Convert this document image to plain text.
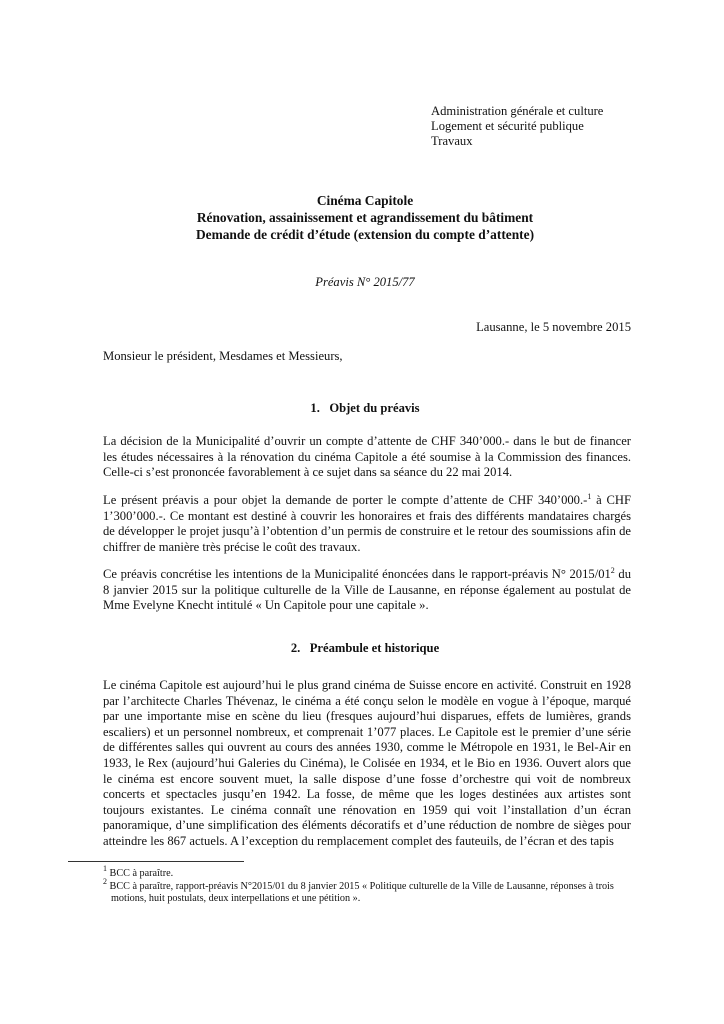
Administration générale et culture
Logement et sécurité publique
Travaux
Cinéma Capitole
Rénovation, assainissement et agrandissement du bâtiment
Demande de crédit d’étude (extension du compte d’attente)
Préavis N° 2015/77
Lausanne, le 5 novembre 2015
Monsieur le président, Mesdames et Messieurs,
1.   Objet du préavis
La décision de la Municipalité d’ouvrir un compte d’attente de CHF 340’000.- dans le but de financer les études nécessaires à la rénovation du cinéma Capitole a été soumise à la Commission des finances. Celle-ci s’est prononcée favorablement à ce sujet dans sa séance du 22 mai 2014.
Le présent préavis a pour objet la demande de porter le compte d’attente de CHF 340’000.-$^1$ à CHF 1’300’000.-. Ce montant est destiné à couvrir les honoraires et frais des différents mandataires chargés de développer le projet jusqu’à l’obtention d’un permis de construire et le retour des soumissions afin de chiffrer de manière très précise le coût des travaux.
Ce préavis concrétise les intentions de la Municipalité énoncées dans le rapport-préavis N° $2015/01^2$ du 8 janvier 2015 sur la politique culturelle de la Ville de Lausanne, en réponse également au postulat de Mme Evelyne Knecht intitulé « Un Capitole pour une capitale ».
2.   Préambule et historique
Le cinéma Capitole est aujourd’hui le plus grand cinéma de Suisse encore en activité. Construit en 1928 par l’architecte Charles Thévenaz, le cinéma a été conçu selon le modèle en vogue à l’époque, marqué par une importante mise en scène du lieu (fresques aujourd’hui disparues, effets de lumières, grands escaliers) et un personnel nombreux, et comprenait 1’077 places. Le Capitole est le premier d’une série de différentes salles qui ouvrent au cours des années 1930, comme le Métropole en 1931, le Bel-Air en 1933, le Rex (aujourd’hui Galeries du Cinéma), le Colisée en 1934, et le Bio en 1936. Ouvert alors que le cinéma est encore souvent muet, la salle dispose d’une fosse d’orchestre qui voit de nombreux concerts et spectacles jusqu’en 1942. La fosse, de même que les loges destinées aux artistes sont toujours existantes. Le cinéma connaît une rénovation en 1959 qui voit l’installation d’un écran panoramique, d’une simplification des éléments décoratifs et d’une réduction de nombre de sièges pour atteindre les 867 actuels. A l’exception du remplacement complet des fauteuils, de l’écran et des tapis
$^1$ BCC à paraître.
$^2$ BCC à paraître, rapport-préavis N°2015/01 du 8 janvier 2015 « Politique culturelle de la Ville de Lausanne, réponses à trois
motions, huit postulats, deux interpellations et une pétition ».
